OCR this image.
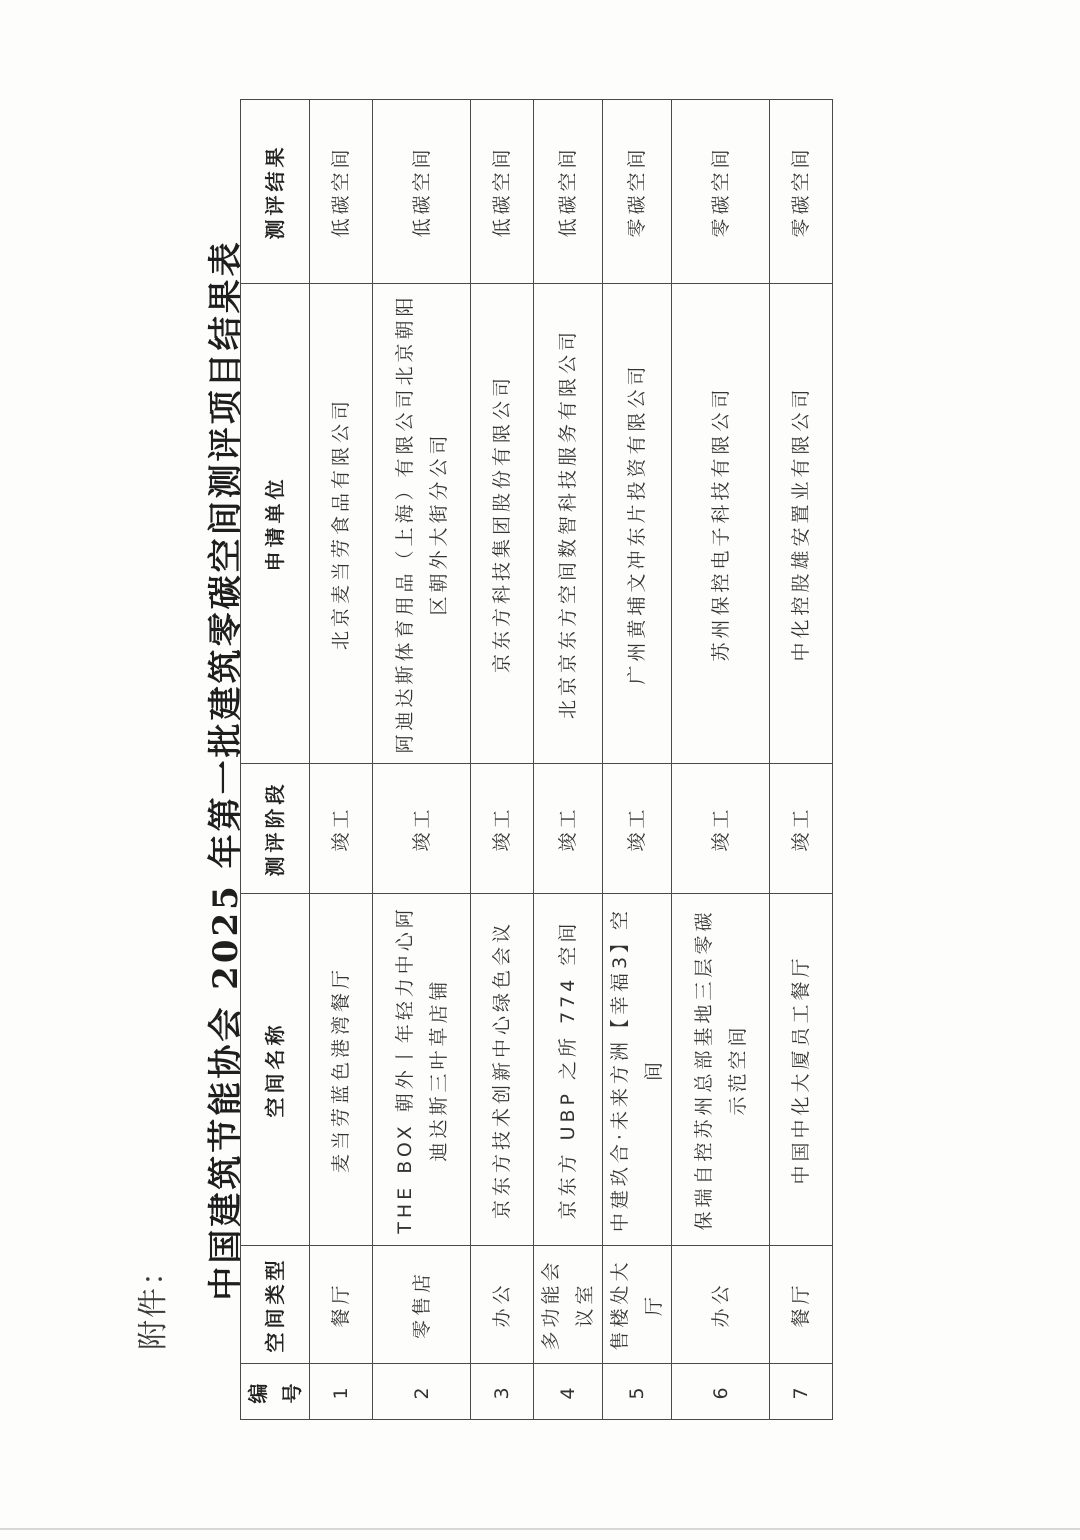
附件：
中国建筑节能协会 2025 年第一批建筑零碳空间测评项目结果表
编号	空间类型	空间名称	测评阶段	申请单位	测评结果
1	餐厅	麦当劳蓝色港湾餐厅	竣工	北京麦当劳食品有限公司	低碳空间
2	零售店	THE BOX 朝外丨年轻力中心阿迪达斯三叶草店铺	竣工	阿迪达斯体育用品（上海）有限公司北京朝阳区朝外大街分公司	低碳空间
3	办公	京东方技术创新中心绿色会议	竣工	京东方科技集团股份有限公司	低碳空间
4	多功能会议室	京东方 UBP 之所 774 空间	竣工	北京京东方空间数智科技服务有限公司	低碳空间
5	售楼处大厅	中建玖合·未来方洲【幸福3】空间	竣工	广州黄埔文冲东片投资有限公司	零碳空间
6	办公	保瑞自控苏州总部基地三层零碳示范空间	竣工	苏州保控电子科技有限公司	零碳空间
7	餐厅	中国中化大厦员工餐厅	竣工	中化控股雄安置业有限公司	零碳空间
